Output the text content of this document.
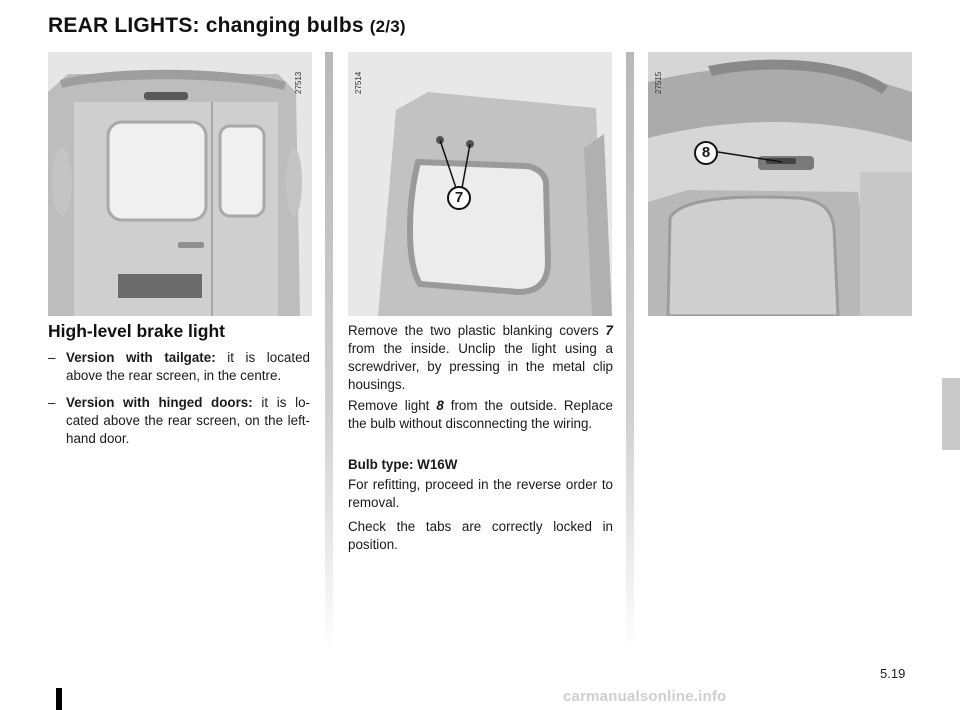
REAR LIGHTS: changing bulbs (2/3)
27513	27514
7
27515
8
High-level brake light
– Version with tailgate: it is located above the rear screen, in the centre.
– Version with hinged doors: it is lo-cated above the rear screen, on the left-hand door.
Remove the two plastic blanking covers 7 from the inside. Unclip the light using a screwdriver, by pressing in the metal clip housings.
Remove light 8 from the outside. Replace the bulb without disconnecting the wiring.
Bulb type: W16W
For refitting, proceed in the reverse order to removal.
Check the tabs are correctly locked in position.
5.19
carmanualsonline.info
